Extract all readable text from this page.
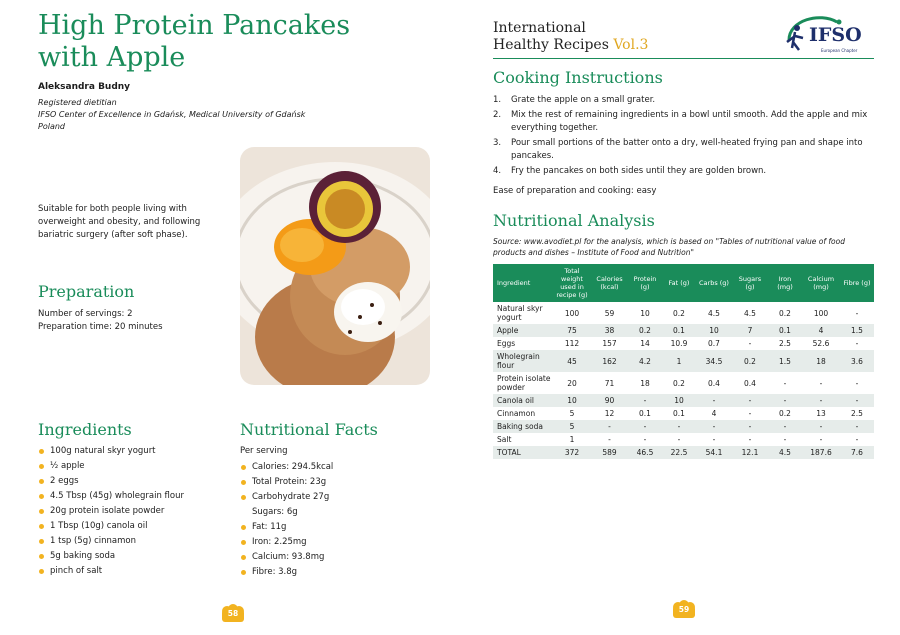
High Protein Pancakes with Apple
Aleksandra Budny
Registered dietitian
IFSO Center of Excellence in Gdańsk, Medical University of Gdańsk
Poland

Suitable for both people living with overweight and obesity, and following bariatric surgery (after soft phase).

Preparation
Number of servings: 2
Preparation time: 20 minutes
Ingredients
100g natural skyr yogurt
½ apple
2 eggs
4.5 Tbsp (45g) wholegrain flour
20g protein isolate powder
1 Tbsp (10g) canola oil
1 tsp (5g) cinnamon
5g baking soda
pinch of salt
Nutritional Facts
Per serving
Calories: 294.5kcal
Total Protein: 23g
Carbohydrate 27g
Sugars: 6g
Fat: 11g
Iron: 2.25mg
Calcium: 93.8mg
Fibre: 3.8g
58
International
Healthy Recipes Vol.3	IFSO
European Chapter
Cooking Instructions
1. Grate the apple on a small grater.
2. Mix the rest of remaining ingredients in a bowl until smooth. Add the apple and mix everything together.
3. Pour small portions of the batter onto a dry, well-heated frying pan and shape into pancakes.
4. Fry the pancakes on both sides until they are golden brown.
Ease of preparation and cooking: easy
Nutritional Analysis

Source: www.avodiet.pl for the analysis, which is based on "Tables of nutritional value of food products and dishes – Institute of Food and Nutrition"

Ingredient	Total weight used in recipe (g)	Calories (kcal)	Protein (g)	Fat (g)	Carbs (g)	Sugars (g)	Iron (mg)	Calcium (mg)	Fibre (g)
Natural skyr yogurt	100	59	10	0.2	4.5	4.5	0.2	100	-
Apple	75	38	0.2	0.1	10	7	0.1	4	1.5
Eggs	112	157	14	10.9	0.7	-	2.5	52.6	-
Wholegrain flour	45	162	4.2	1	34.5	0.2	1.5	18	3.6
Protein isolate powder	20	71	18	0.2	0.4	0.4	-	-	-
Canola oil	10	90	-	10	-	-	-	-	-
Cinnamon	5	12	0.1	0.1	4	-	0.2	13	2.5
Baking soda	5	-	-	-	-	-	-	-	-
Salt	1	-	-	-	-	-	-	-	-
TOTAL	372	589	46.5	22.5	54.1	12.1	4.5	187.6	7.6
59
